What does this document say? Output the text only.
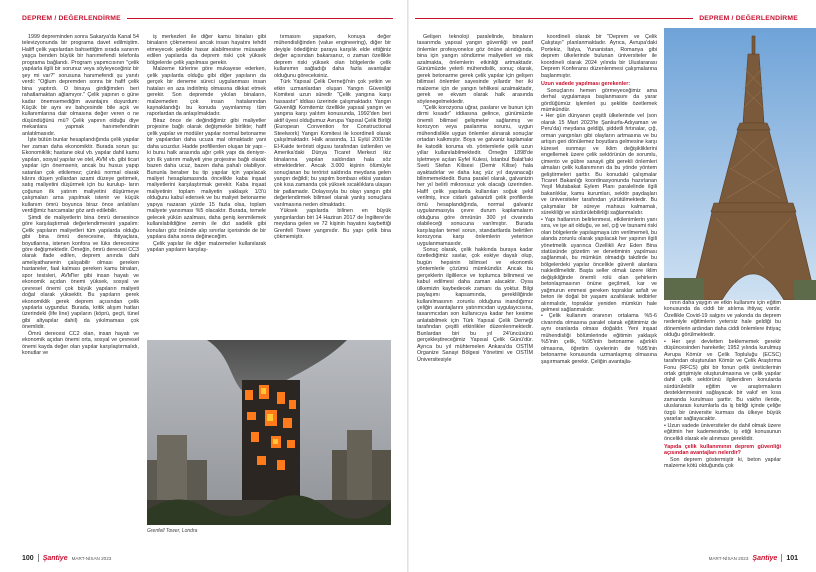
DEPREM / DEĞERLENDİRME

1999 depreminden sonra Sakarya'da Kanal 54 televizyonunda bir programa davet edilmiştim. Haliff çelik yapılardan bahsettiğim sırada sanırım yaşça benden büyük bir hanımefendi telefonla programa bağlandı. Program yapımcısının "çelik yapılarla ilgili bir sorunuz veya söyleyeceğiniz bir şey mi var?" sorusuna hanımefendi şu yanıtı verdi: "Oğlum depremden sonra bir hafif çelik bina yaptırdı. O binaya girdiğimden beri rahatlamaktan ağlamıyor." Çelik yapının o güne kadar önemsemediğim avantajını duyurdum: Küçük bir aynı ev bahçesinde bile açık ve kullanımlarına dair olmasına değer veren o ne düşündüğünü mü? Çelik yapının olduğu diye mekanlara yapmak hanımefendinin anlatılmasıdır.

İşte bütün bunlar hesaplandığında çelik yapılar her zaman daha ekonomiktir. Burada sorun şu: Ekonomiklik; hastane okul vb. yapılar dahil kamu yapıları, sosyal yapılar ve otel, AVM vb. gibi ticari yapılar için önemsenir, ancak bu husus yapıp satanları çok etkilemez; çünkü normal olarak kârını düşen yollardan azami düzeye getirmek, satış maliyetini düşürmek için bu kurulup- ların çoğunun ilk yatırım maliyetini düşürmeye çalışmaları arna yapılmak istenir ve küçük kullanım ömrü boyunca biraz önce anlatılanı verdiğimiz harcamalar göz ardı edilebilir.

Şimdi de maliyetlerin bina ömrü dersesince göre karşılaştırmalı değerlendirmesini yapalım: Çelik yapıların maliyetleri tüm yapılarda olduğu gibi bina ömrü derecesine, ihtiyaçlara, boyutlarına, istenen konfora ve lüks derecesine göre değişmektedir. Örneğin, ömrü derecesi CC3 olarak ifade edilen, deprem anında dahi ameliyathanenin çalışabilir olması gereken hastaneler, faal kalması gereken kamu binaları, spor tesisleri, AVM'ler gibi insan hayatı ve ekonomik açıdan önemi yüksek, sosyal ve çevresel önemi çok büyük yapıların maliyeti doğal olarak yüksektir. Bu yapıların gerek ekonomiklik gerek deprem açısından çelik yapılarla uygundur. Burada, kritik alışım hatları üzerindeki (life line) yapıların (köprü, geçit, tünel gibi altyapılar dahil) da yıkılmaması çok önemlidir.

Ömrü derecesi CC2 olan, insan hayatı ve ekonomik açıdan önemi orta, sosyal ve çevresel önemi kayda değer olan yapılar karşılaştırmalıdı, konutlar ve

iş merkezleri ile diğer kamu binaları gibi binaların çökmemesi ancak insan hayatını tehdit etmeyecek şekilde hasar alabilmesine müsaade edilen yapılarda da deprem riski çok yüksek bölgelerde çelik yapılması gerekir.

Malzeme türlerine göre mukayese ederken, çelik yapılarda olduğu gibi diğer yapıların da gerçek bir deneme süreci uygulanması insan hataları en aza indirilmiş olmasına dikkat etmek gerekir. Son depremde yıkılan binaların, malzemeden çok insan hatalarından kaynaklandığı bu konuda yayınlanmış tüm raporlardan da anlaşılmaktadır.

Biraz önce de değindiğimiz gibi maliyetler projesine bağlı olarak değişmekle birlikte; hafif çelik yapılar ve modüler yapılar normal betonarme bir yapılardan daha ucuza mal olmaktadır yani daha ucuzdur. Hadde profillerden oluşan bir yapı -ki bunu halk arasında ağır çelik yapı da deniyor- için ilk yatırım maliyeti yine projesine bağlı olarak bazen daha ucuz, bazen daha pahalı olabiliyor. Bununla beraber bu tip yapılar için yapılacak maliyet hesaplamasında öncelikle kaba inşaat maliyetlerini karşılaştırmak gerekir. Kaba inşaat maliyetinin toplam maliyetin yaklaşık 1/3'ü olduğunu kabul edersek ve bu maliyet betonarme yapıya nazaran yüzde 15 fazla olsa, toplam maliyete yansıması %5 olacaktır. Burada, temele gelecek yükün azalması, daha geniş kenmilemek kullanılabildiğine zemin ile dizi sadelik gibi konuları göz önünde alıp sınırlar içerisinde de bir yapılara daha sonra değineceğim.

Çelik yapılar ile diğer malzemeler kullanılarak yapılan yapıların karşılaş-

tırmasını yaparken, konuya değer mühendisliğinden (value engineering), diğer bir deyişle ödediğiniz paraya karşılık elde ettiğiniz değer açısından bakarsanız, o zaman özellikle deprem riski yüksek olan bölgelerde çelik kullanımın sağladığı daha fazla avantajlar olduğunu göreceksiniz.

Türk Yapısal Çelik Derneği'nin çok yetkin ve etkin uzmanlardan oluşan Yangın Güvenliği Komitesi uzun süredir "Çelik yangına karşı hassastır" iddiası üzerinde çalışmaktadır. Yangın Güvenliği Komitemiz özellikle yapısal yangın ve yangına karşı yalıtım konusunda, 1992'den beri aktif üyesi olduğumuz Avrupa Yapısal Çelik Birliği (European Convention for Constructional Steelwork) Yangın Komitesi ile koordineli olarak çalışılmaktadır. Halk arasında, 11 Eylül 2001'de El-Kaide teröristi olgusu tarafından üstlenilen ve Amerika'daki Dünya Ticaret Merkezi ikiz binalarına yapılan saldırıdan hala söz etmektedirler. Ancak 3.000 kişinin ölümüyle sonuçlanan bu terörist saldırıda meydana gelen yangın değildi; bu yapılm bombası etkisi yaratan çok kısa zamanda çok yüksek sıcaklıklara ulaşan bir patlamadır. Dolayısıyla bu olayı yangın gibi değerlendirmek bilimsel olarak yanlış sonuçlara varılmasına neden olmaktadır.

Yüksek yapılarda bilinen en büyük yangınlardan biri 14 Haziran 2017 de İngiltere'de meydana gelen ve 72 kişinin hayatını kaybettiği Grenfell Tower yangınıdır. Bu yapı çelik bina çökmemiştir.

Grenfell Tower, Londra
100 Şantiye MART-NİSAN 2023
DEPREM / DEĞERLENDİRME

Gelişen teknoloji paralelinde, binaların tasarımda yapısal yangın güvenliği ve pasif önlemler profesyonelce göz önüne alındığında, bina için yangın söndürme maliyetleri ve risk azalmakta, önlemlerin etkinliği artmaktadır. Günümüzde yeterli mühendislik, sonuç olarak, gerek betonarme gerek çelik yapılar için gelişen bilimsel önlemler sayesinde yıllardır her iki malzeme için de yangın tehlikesi azalmaktadır, gerek ve ekvam olarak halk arasında söylenegelmektedir.

"Çelik korozyona uğrar, paslanır ve bunun için dirmi kısadır" iddiasına gelince, günümüzde önemli bilimsel gelişmeler sağlanmış ve korozyon veya paslanma sorunu, uygun mühendislikle uygun önlemler alınarak sonuçlar ortadan kalkmıştır. Boya ve galvaniz kaplamalar ile katodik koruma vb. yöntemlerle çelik uzun yıllar kullanılabilmektedir. Örneğin 1898'de işletmeye açılan Eyfel Kulesi, İstanbul Balat'taki Sveti Stefan Kilisesi (Demir Kilise) hala ayaktadırlar ve daha kaç yüz yıl dayanacağı bilinmemektedir. Buna paralel olarak, galvanizin her yıl belirli mikronsuz yok olacağı üzerinden. Hafif çelik yapılarda kullanılan soğuk şekil verilmiş, ince cidarlı galvanizli çelik profillerde örnü hesaplandığında, normal galvaniz uygulanmasıyla çevre durum kaplamaların olduğuna göre ömrünün 300 yıl civarında olabileceği sonucuna varılmıştır. Burada karşılaşılan temel sorun, standartlarda belirtilen korozyona karşı önlemlerin yeterince uygulanmamasıdır.

Sonuç olarak, çelik hakkında buraya kadar özetlediğimiz savlar, çok eskiye dayalı olup, bugün hepsinin bilimsel ve ekonomik yöntemlerle çözümü mümkündür. Ancak bu gerçeklerin ilgililerce ve toplumca bilinmesi ve kabul edilmesi daha zaman alacaktır. Oysa ülkemizin kaybedecek zamanı da yoktur. Bilgi paylaşımı kapsamında, gerekliliğinde kullanılmasının zorunlu olduğuna inandığımız çeliğin avantajlarını yatırımcıdan uygulayıcısına, tasarımcıdan son kullanıcıya kadar her kesime anlatabilmek için Türk Yapısal Çelik Derneği tarafından çeşitli etkinlikler düzenlenmektedir. Bunlardan biri bu yıl 24'üncüsünü gerçekleştireceğimiz Yapısal Çelik Günü'dür. Ayrıca bu yıl mühtemelen Ankara'da OSTİM Organize Sanayi Bölgesi Yönetimi ve OSTİM Üniversitesiyle

koordineli olarak bir "Deprem ve Çelik Çalıştayı" planlanmaktadır. Ayrıca, Avrupa'daki Portekiz, İtalya, Yunanistan, Romanya gibi deprem ülkelerinde bulunan üniversiteler ile koordineli olarak 2024 yılında bir Uluslararası Deprem Konferansı düzenlenmesi çalışmalarına başlanmıştır.

Uzun vadede yapılması gerekenler:

Sonuçlarını hemen görmeyeceğimiz ama derhal uygulamaya başlanmasını da yarar gördüğümüz işlemleri şu şekilde özetlemek mümkündür.

• Her gün dünyanın çeşitli ülkelerinde vel (son olarak 15 Mart 2023'te Şanlıurfa-Adıyaman ve Peru'da) meydana geldiği, şiddetli fırtınalar, çığ, orman yangınları gibi olayların artmasına ve bu artışın geri dönülemez boyutlara gelmesine karşı küresel ısınmayı ve iklim değişikliklerini engellemek üzere çelik sektörünün de sorumlu, çimento ve gübre sanayii gibi gerekli önlemleri almaları çelik kullanımının da bu yönde yöntem geliştirmeleri şarttır. Bu konudaki çalışmalar Ticaret Bakanlığı koordinasyonunda hazırlanan Yeşil Mutabakat Eylem Planı paralelinde ilgili bakanlıklar, kamu kurumları, sektör paydaşları ve üniversiteler tarafından yürütülmektedir. Bu çalışmalar bir süreye mahsus kalmamalı, sürekliliği ve sürdürülebilirliği sağlanmalıdır.

• Yapı hatlarının belirlenmesi, etkilenimlerin yanı sıra, ve işe ait olduğu, ve sel, çığ ve tsunami riski olan bölgelerde yapılaşmaya izin verilmemeli, bu alanda zorunlu olarak yapılacak her yapının ilgili yönetmelik uyarınca Özellikli Arz Eden Bina statüsünde gözetim ve denetiminin yapılması sağlanmalı, bu mümkün olmadığı takdirde bu bölgelerdeki yapılar öncelikle güvenli alanlara nakledilmelidir. Başta seller olmak üzere iklim değişikliğinde önemli rolü olan şehirlerin betonlaşmasının önüne geçilmeli, kar ve yağmurun emmesi gereken topraklar asfalt ve beton ile doğal bir yaşamı azaltılarak tedbirler alınmalıdır, topraklar yeniden mümkün hale gelmesi sağlanmalıdır.

• Çelik kullanım oranının ortalama %5-6 civarında olmasına paralel olarak eğitimimiz de aynı oranlarda olması doğaldır. Yeni inşaat mühendisliği bölümlerinde eğitimin yaklaşık %5'inin çelik, %95'inin betonarme ağırlıklı olmasına, öğretim üyelerinin de %95'inin betonarme konusunda uzmanlaşmış olmasına şaşırmamak gerekir. Çeliğin avantajla-

rının daha yaygın ve etkin kullanımı için eğitim konusunda da ciddi bir atılıma ihtiyaç vardır. Özellikle Covid-19 salgını ve yakında da deprem nedeniyle eğitimlerin yetersiz hale geldiği bu dönemlerin ardından daha ciddi önlemlere ihtiyaç olduğu görülmektedir.

• Her şeyi devletten beklememek gerekir düşüncesinden hareketle; 1952 yılında kurulmuş Avrupa Kömür ve Çelik Topluluğu (ECSC) tarafından oluşturulan Kömür ve Çelik Araştırma Fonu (RFCS) gibi bir fonun çelik üreticilerinin ortak girişimiyle oluşturulmasına ve çelik yapılar dahil çelik sektörünü ilgilendiren konularda sürdürülebilir eğitim ve araştırmaların desteklenmesini sağlayacak bir vakıf en kısa zamanda kurulması şarttır. Bu vakfın ileride, uluslararası kurumlarla da iş birliği içinde çeliğe özgü bir üniversite kurması da ülkeye büyük yararlar sağlayacaktır.

• Uzun vadede üniversiteler de dahil olmak üzere eğitimin her kademesinde, iş etiği konusunun öncelikli olarak ele alınması gereklidir.

Yapıda çelik kullanımının deprem güvenliği açısından avantajları nelerdir?

Son deprem göstermiştir ki, beton yapılar malzeme kötü olduğunda çok

MART-NİSAN 2023 Şantiye 101
